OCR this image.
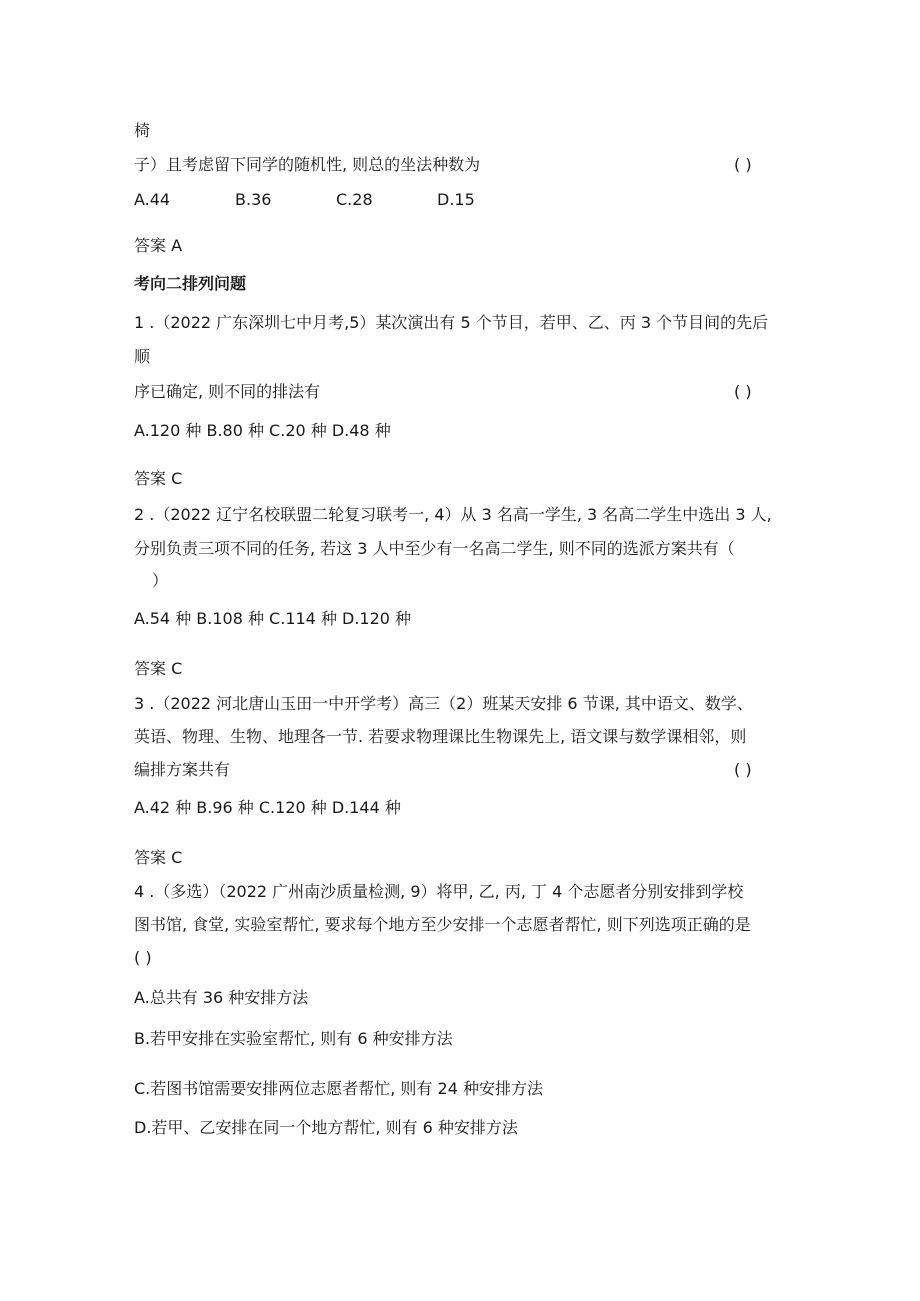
椅
子）且考虑留下同学的随机性, 则总的坐法种数为	( )
A.44	B.36	C.28	D.15
答案 A
考向二排列问题
1 .（2022 广东深圳七中月考,5）某次演出有 5 个节目，若甲、乙、丙 3 个节目间的先后
顺
序已确定, 则不同的排法有	( )
A.120 种 B.80 种 C.20 种 D.48 种
答案 C
2 .（2022 辽宁名校联盟二轮复习联考一, 4）从 3 名高一学生, 3 名高二学生中选出 3 人,
分别负责三项不同的任务, 若这 3 人中至少有一名高二学生, 则不同的选派方案共有（
）
A.54 种 B.108 种 C.114 种 D.120 种
答案 C
3 .（2022 河北唐山玉田一中开学考）高三（2）班某天安排 6 节课, 其中语文、数学、
英语、物理、生物、地理各一节. 若要求物理课比生物课先上, 语文课与数学课相邻，则
编排方案共有	( )
A.42 种 B.96 种 C.120 种 D.144 种
答案 C
4 .（多选）（2022 广州南沙质量检测, 9）将甲, 乙, 丙, 丁 4 个志愿者分别安排到学校
图书馆, 食堂, 实验室帮忙, 要求每个地方至少安排一个志愿者帮忙, 则下列选项正确的是
( )
A.总共有 36 种安排方法
B.若甲安排在实验室帮忙, 则有 6 种安排方法
C.若图书馆需要安排两位志愿者帮忙, 则有 24 种安排方法
D.若甲、乙安排在同一个地方帮忙, 则有 6 种安排方法
